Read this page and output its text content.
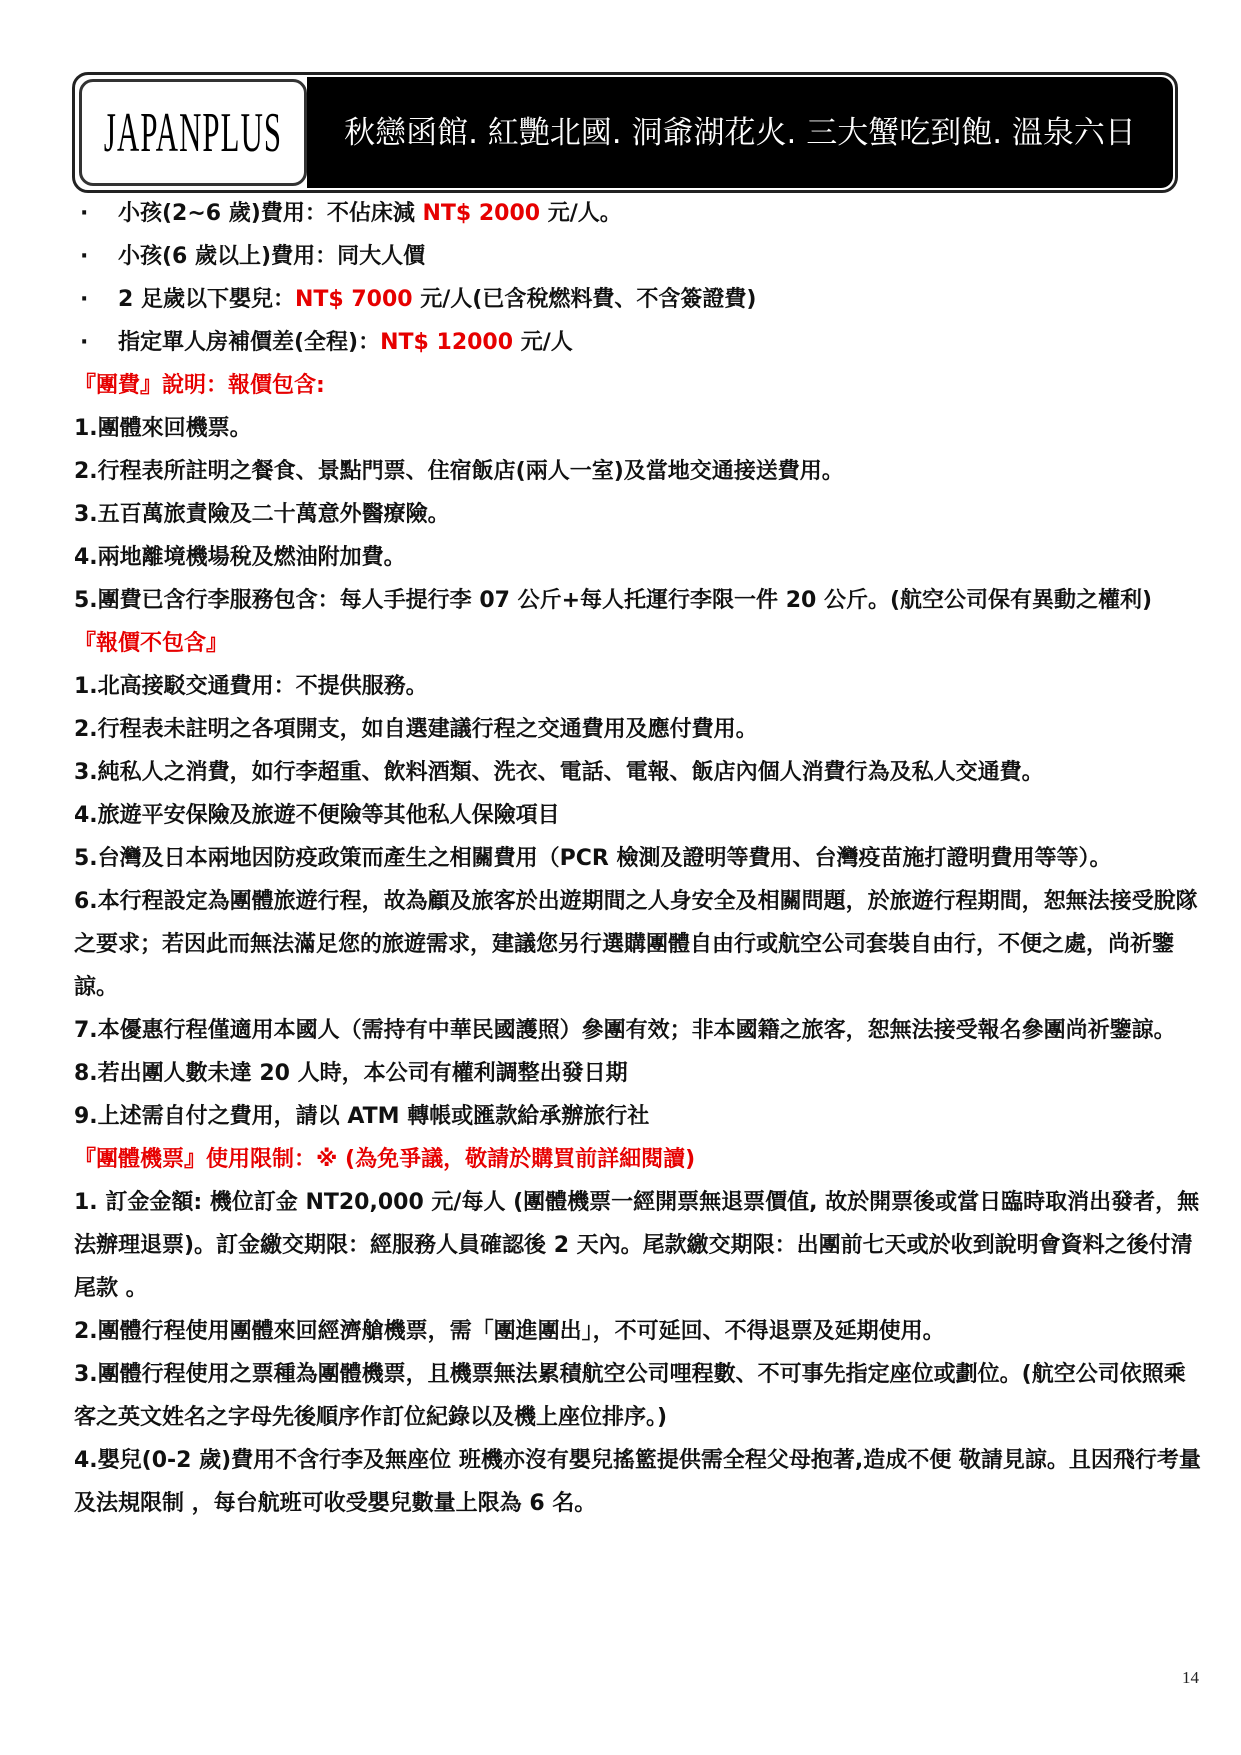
JAPANPLUS	秋戀函館. 紅艷北國. 洞爺湖花火. 三大蟹吃到飽. 溫泉六日
·	小孩(2~6 歲)費用：不佔床減 NT$ 2000 元/人。
·	小孩(6 歲以上)費用：同大人價
·	2 足歲以下嬰兒：NT$ 7000 元/人(已含稅燃料費、不含簽證費)
·	指定單人房補價差(全程)：NT$ 12000 元/人
『團費』說明：報價包含:
1.團體來回機票。
2.行程表所註明之餐食、景點門票、住宿飯店(兩人一室)及當地交通接送費用。
3.五百萬旅責險及二十萬意外醫療險。
4.兩地離境機場稅及燃油附加費。
5.團費已含行李服務包含：每人手提行李 07 公斤+每人托運行李限一件 20 公斤。(航空公司保有異動之權利)
『報價不包含』
1.北高接駁交通費用：不提供服務。
2.行程表未註明之各項開支，如自選建議行程之交通費用及應付費用。
3.純私人之消費，如行李超重、飲料酒類、洗衣、電話、電報、飯店內個人消費行為及私人交通費。
4.旅遊平安保險及旅遊不便險等其他私人保險項目
5.台灣及日本兩地因防疫政策而產生之相關費用（PCR 檢測及證明等費用、台灣疫苗施打證明費用等等）。
6.本行程設定為團體旅遊行程，故為顧及旅客於出遊期間之人身安全及相關問題，於旅遊行程期間，恕無法接受脫隊之要求；若因此而無法滿足您的旅遊需求，建議您另行選購團體自由行或航空公司套裝自由行，不便之處，尚祈鑒諒。
7.本優惠行程僅適用本國人（需持有中華民國護照）參團有效；非本國籍之旅客，恕無法接受報名參團尚祈鑒諒。
8.若出團人數未達 20 人時，本公司有權利調整出發日期
9.上述需自付之費用，請以 ATM 轉帳或匯款給承辦旅行社
『團體機票』使用限制：※ (為免爭議，敬請於購買前詳細閱讀)
1. 訂金金額: 機位訂金 NT20,000 元/每人 (團體機票一經開票無退票價值, 故於開票後或當日臨時取消出發者，無法辦理退票)。訂金繳交期限：經服務人員確認後 2 天內。尾款繳交期限：出團前七天或於收到說明會資料之後付清尾款 。
2.團體行程使用團體來回經濟艙機票，需「團進團出」，不可延回、不得退票及延期使用。
3.團體行程使用之票種為團體機票，且機票無法累積航空公司哩程數、不可事先指定座位或劃位。(航空公司依照乘客之英文姓名之字母先後順序作訂位紀錄以及機上座位排序。)
4.嬰兒(0-2 歲)費用不含行李及無座位 班機亦沒有嬰兒搖籃提供需全程父母抱著,造成不便 敬請見諒。且因飛行考量及法規限制 ，每台航班可收受嬰兒數量上限為 6 名。
14
